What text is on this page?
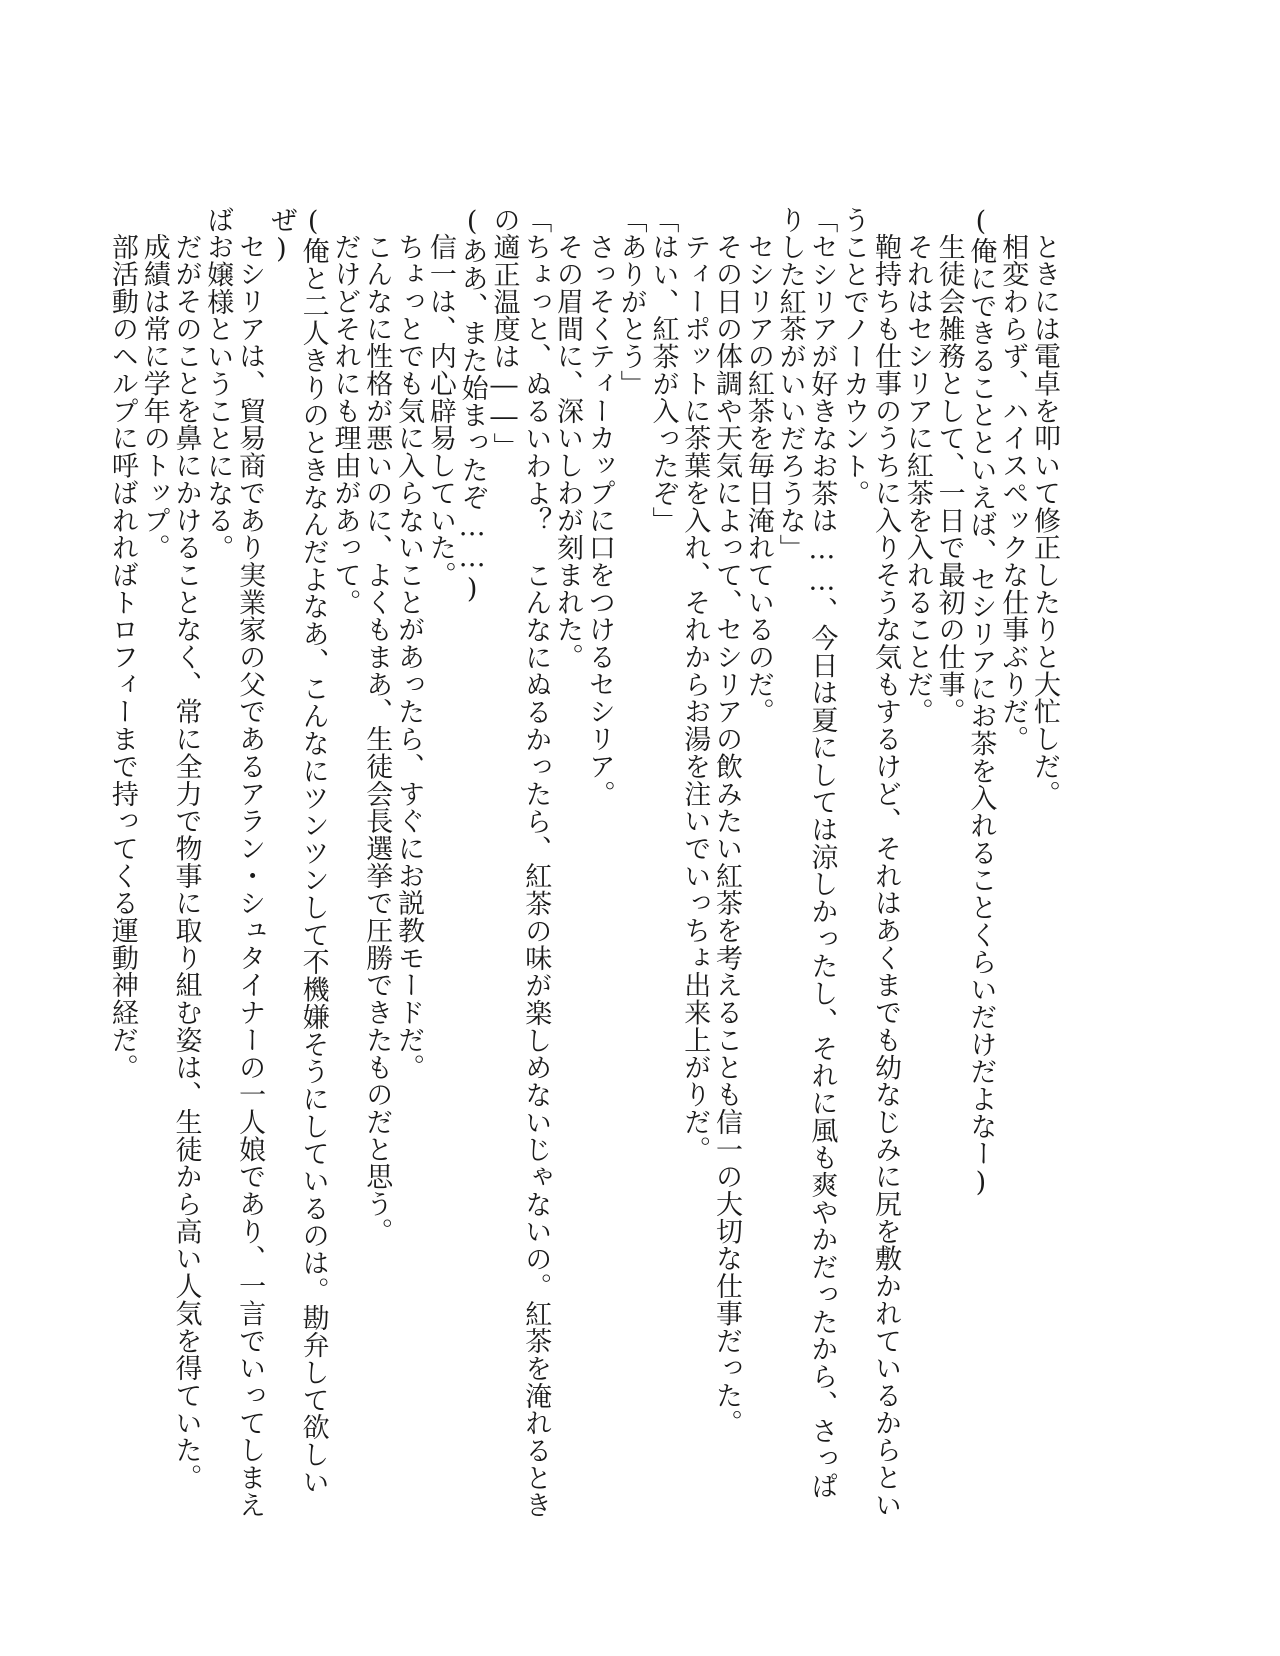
ときには電卓を叩いて修正したりと大忙しだ。

相変わらず、ハイスペックな仕事ぶりだ。

(俺にできることといえば、セシリアにお茶を入れることくらいだけだよなー)

生徒会雑務として、一日で最初の仕事。

それはセシリアに紅茶を入れることだ。

鞄持ちも仕事のうちに入りそうな気もするけど、それはあくまでも幼なじみに尻を敷かれているからということでノーカウント。

「セシリアが好きなお茶は……、今日は夏にしては涼しかったし、それに風も爽やかだったから、さっぱりした紅茶がいいだろうな」

セシリアの紅茶を毎日淹れているのだ。

その日の体調や天気によって、セシリアの飲みたい紅茶を考えることも信一の大切な仕事だった。

ティーポットに茶葉を入れ、それからお湯を注いでいっちょ出来上がりだ。

「はい、紅茶が入ったぞ」

「ありがとう」

さっそくティーカップに口をつけるセシリア。

その眉間に、深いしわが刻まれた。

「ちょっと、ぬるいわよ？　こんなにぬるかったら、紅茶の味が楽しめないじゃないの。紅茶を淹れるときの適正温度は――」

(ああ、また始まったぞ……)

信一は、内心辟易していた。

ちょっとでも気に入らないことがあったら、すぐにお説教モードだ。

こんなに性格が悪いのに、よくもまあ、生徒会長選挙で圧勝できたものだと思う。

だけどそれにも理由があって。

(俺と二人きりのときなんだよなあ、こんなにツンツンして不機嫌そうにしているのは。勘弁して欲しいぜ)

セシリアは、貿易商であり実業家の父であるアラン・シュタイナーの一人娘であり、一言でいってしまえばお嬢様ということになる。

だがそのことを鼻にかけることなく、常に全力で物事に取り組む姿は、生徒から高い人気を得ていた。

成績は常に学年のトップ。

部活動のヘルプに呼ばれればトロフィーまで持ってくる運動神経だ。
